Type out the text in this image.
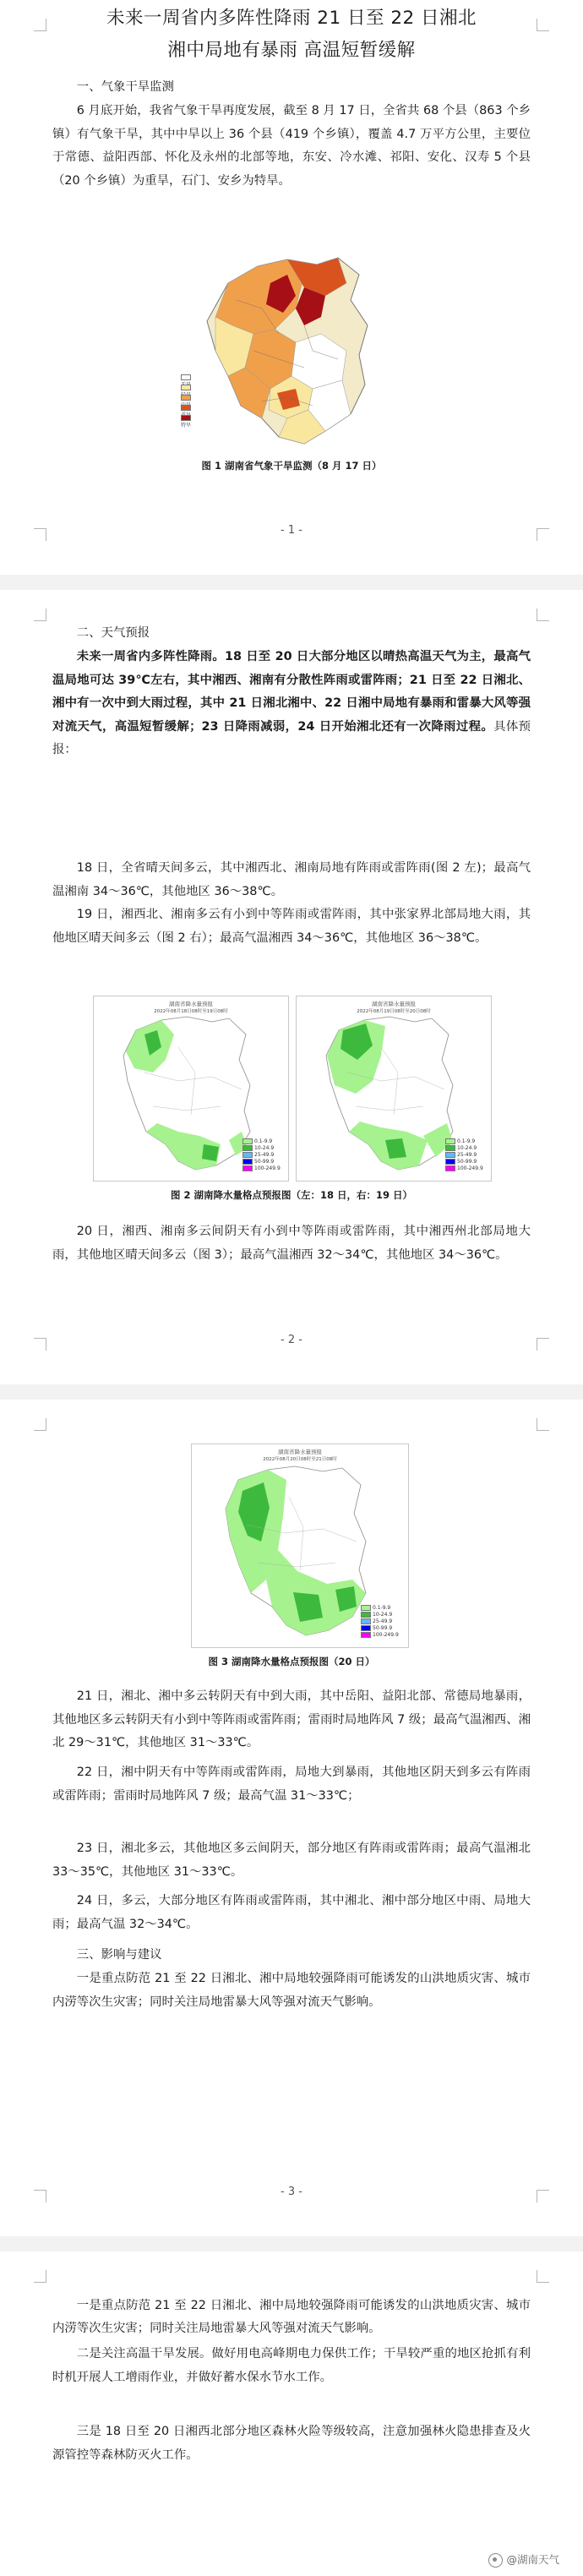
未来一周省内多阵性降雨 21 日至 22 日湘北
湘中局地有暴雨 高温短暂缓解
一、气象干旱监测
6 月底开始，我省气象干旱再度发展，截至 8 月 17 日，全省共 68 个县（863 个乡镇）有气象干旱，其中中旱以上 36 个县（419 个乡镇），覆盖 4.7 万平方公里，主要位于常德、益阳西部、怀化及永州的北部等地，东安、冷水滩、祁阳、安化、汉寿 5 个县（20 个乡镇）为重旱，石门、安乡为特旱。
特旱
图 1 湖南省气象干旱监测（8 月 17 日）
- 1 -
二、天气预报
未来一周省内多阵性降雨。18 日至 20 日大部分地区以晴热高温天气为主，最高气温局地可达 39℃左右，其中湘西、湘南有分散性阵雨或雷阵雨；21 日至 22 日湘北、湘中有一次中到大雨过程，其中 21 日湘北湘中、22 日湘中局地有暴雨和雷暴大风等强对流天气，高温短暂缓解；23 日降雨减弱，24 日开始湘北还有一次降雨过程。具体预报：
18 日，全省晴天间多云，其中湘西北、湘南局地有阵雨或雷阵雨(图 2 左)；最高气温湘南 34～36℃，其他地区 36～38℃。
19 日，湘西北、湘南多云有小到中等阵雨或雷阵雨，其中张家界北部局地大雨，其他地区晴天间多云（图 2 右）；最高气温湘西 34～36℃，其他地区 36～38℃。
湖南省降水量预报
2022年08月18日08时至19日08时
0.1-9.9
10-24.9
25-49.9
50-99.9
100-249.9
湖南省降水量预报
2022年08月19日08时至20日08时
0.1-9.9
10-24.9
25-49.9
50-99.9
100-249.9
图 2 湖南降水量格点预报图（左：18 日，右：19 日）
20 日，湘西、湘南多云间阴天有小到中等阵雨或雷阵雨，其中湘西州北部局地大雨，其他地区晴天间多云（图 3）；最高气温湘西 32～34℃，其他地区 34～36℃。
- 2 -
湖南省降水量预报
2022年08月20日08时至21日08时
0.1-9.9
10-24.9
25-49.9
50-99.9
100-249.9
图 3 湖南降水量格点预报图（20 日）
21 日，湘北、湘中多云转阴天有中到大雨，其中岳阳、益阳北部、常德局地暴雨，其他地区多云转阴天有小到中等阵雨或雷阵雨；雷雨时局地阵风 7 级；最高气温湘西、湘北 29～31℃，其他地区 31～33℃。
22 日，湘中阴天有中等阵雨或雷阵雨，局地大到暴雨，其他地区阴天到多云有阵雨或雷阵雨；雷雨时局地阵风 7 级；最高气温 31～33℃；
23 日，湘北多云，其他地区多云间阴天，部分地区有阵雨或雷阵雨；最高气温湘北 33～35℃，其他地区 31～33℃。
24 日，多云，大部分地区有阵雨或雷阵雨，其中湘北、湘中部分地区中雨、局地大雨；最高气温 32～34℃。
三、影响与建议
一是重点防范 21 至 22 日湘北、湘中局地较强降雨可能诱发的山洪地质灾害、城市内涝等次生灾害；同时关注局地雷暴大风等强对流天气影响。
- 3 -
一是重点防范 21 至 22 日湘北、湘中局地较强降雨可能诱发的山洪地质灾害、城市内涝等次生灾害；同时关注局地雷暴大风等强对流天气影响。
二是关注高温干旱发展。做好用电高峰期电力保供工作；干旱较严重的地区抢抓有利时机开展人工增雨作业，并做好蓄水保水节水工作。
三是 18 日至 20 日湘西北部分地区森林火险等级较高，注意加强林火隐患排查及火源管控等森林防灭火工作。
@湖南天气
